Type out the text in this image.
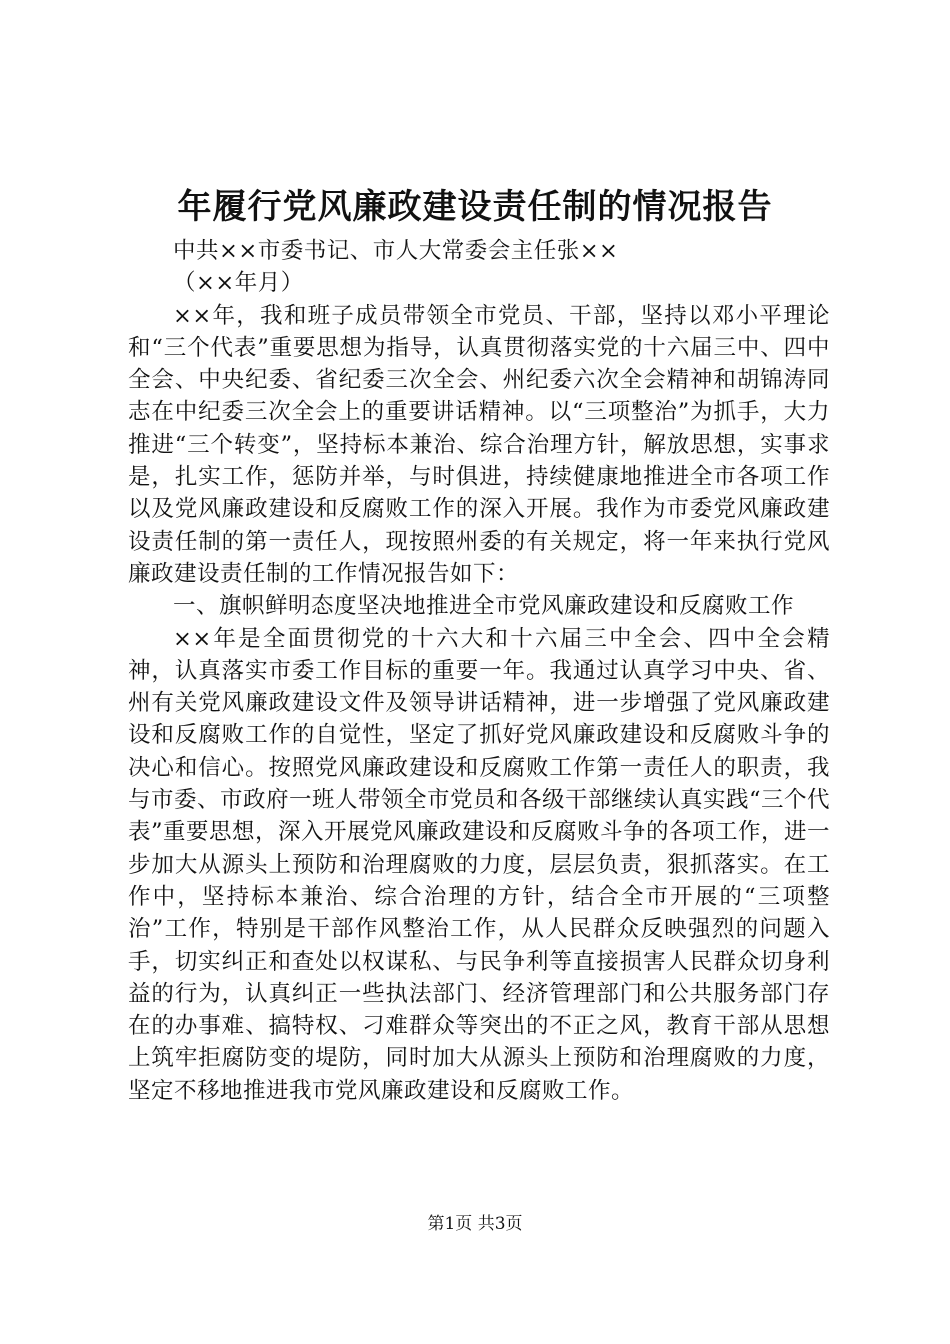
年履行党风廉政建设责任制的情况报告

中共××市委书记、市人大常委会主任张××

（××年月）

××年，我和班子成员带领全市党员、干部，坚持以邓小平理论和“三个代表”重要思想为指导，认真贯彻落实党的十六届三中、四中全会、中央纪委、省纪委三次全会、州纪委六次全会精神和胡锦涛同志在中纪委三次全会上的重要讲话精神。以“三项整治”为抓手，大力推进“三个转变”，坚持标本兼治、综合治理方针，解放思想，实事求是，扎实工作，惩防并举，与时俱进，持续健康地推进全市各项工作以及党风廉政建设和反腐败工作的深入开展。我作为市委党风廉政建设责任制的第一责任人，现按照州委的有关规定，将一年来执行党风廉政建设责任制的工作情况报告如下：

一、旗帜鲜明态度坚决地推进全市党风廉政建设和反腐败工作

××年是全面贯彻党的十六大和十六届三中全会、四中全会精神，认真落实市委工作目标的重要一年。我通过认真学习中央、省、州有关党风廉政建设文件及领导讲话精神，进一步增强了党风廉政建设和反腐败工作的自觉性，坚定了抓好党风廉政建设和反腐败斗争的决心和信心。按照党风廉政建设和反腐败工作第一责任人的职责，我与市委、市政府一班人带领全市党员和各级干部继续认真实践“三个代表”重要思想，深入开展党风廉政建设和反腐败斗争的各项工作，进一步加大从源头上预防和治理腐败的力度，层层负责，狠抓落实。在工作中，坚持标本兼治、综合治理的方针，结合全市开展的“三项整治”工作，特别是干部作风整治工作，从人民群众反映强烈的问题入手，切实纠正和查处以权谋私、与民争利等直接损害人民群众切身利益的行为，认真纠正一些执法部门、经济管理部门和公共服务部门存在的办事难、搞特权、刁难群众等突出的不正之风，教育干部从思想上筑牢拒腐防变的堤防，同时加大从源头上预防和治理腐败的力度，坚定不移地推进我市党风廉政建设和反腐败工作。

第1页 共3页
